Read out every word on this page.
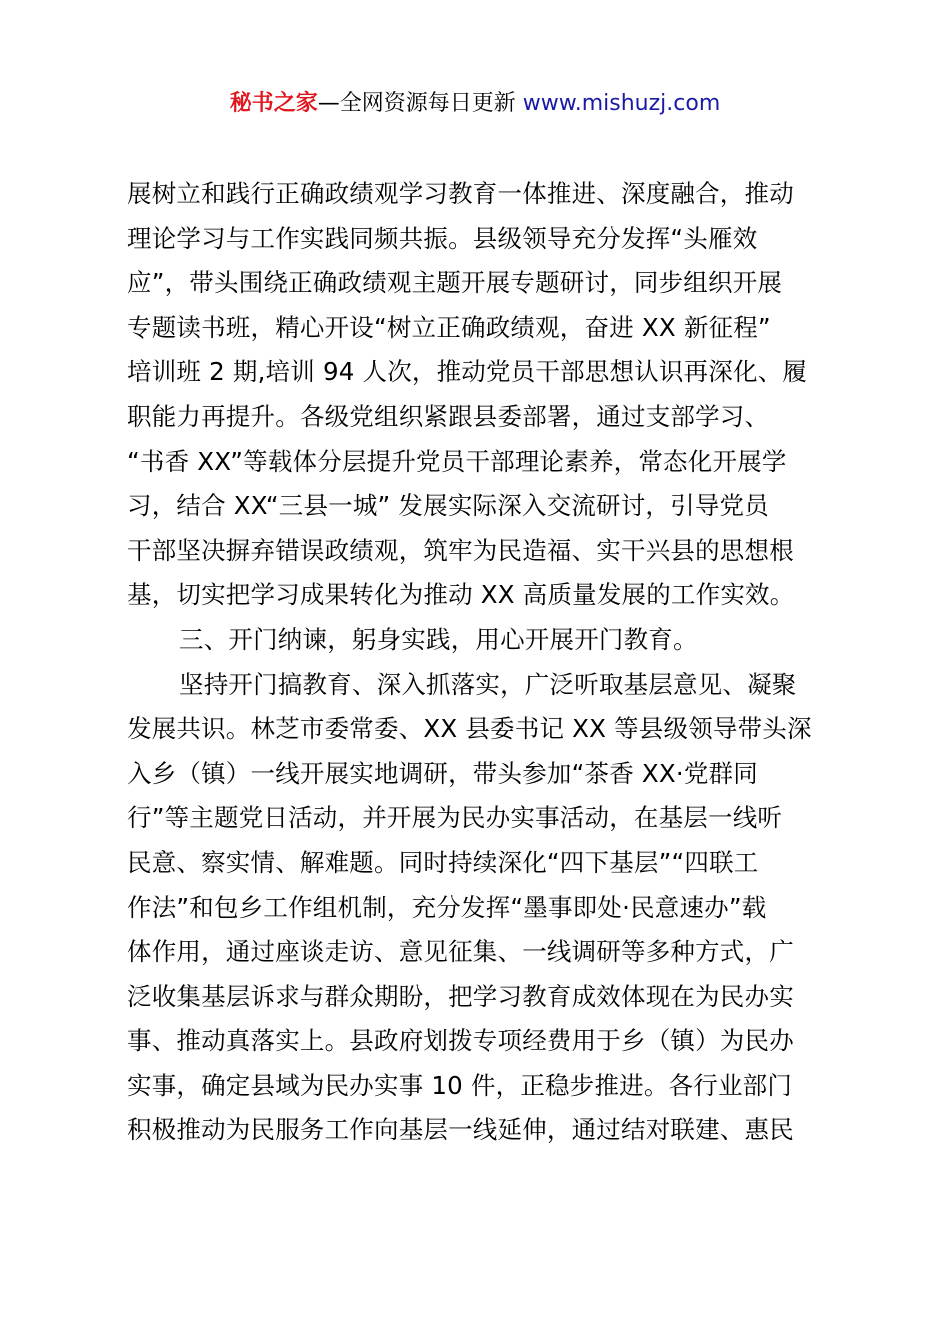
秘书之家—全网资源每日更新 www.mishuzj.com
展树立和践行正确政绩观学习教育一体推进、深度融合，推动
理论学习与工作实践同频共振。县级领导充分发挥“头雁效
应”，带头围绕正确政绩观主题开展专题研讨，同步组织开展
专题读书班，精心开设“树立正确政绩观，奋进 XX 新征程”
培训班 2 期,培训 94 人次，推动党员干部思想认识再深化、履
职能力再提升。各级党组织紧跟县委部署，通过支部学习、
“书香 XX”等载体分层提升党员干部理论素养，常态化开展学
习，结合 XX“三县一城” 发展实际深入交流研讨，引导党员
干部坚决摒弃错误政绩观，筑牢为民造福、实干兴县的思想根
基，切实把学习成果转化为推动 XX 高质量发展的工作实效。
三、开门纳谏，躬身实践，用心开展开门教育。
坚持开门搞教育、深入抓落实，广泛听取基层意见、凝聚
发展共识。林芝市委常委、XX 县委书记 XX 等县级领导带头深
入乡（镇）一线开展实地调研，带头参加“茶香 XX·党群同
行”等主题党日活动，并开展为民办实事活动，在基层一线听
民意、察实情、解难题。同时持续深化“四下基层”“四联工
作法”和包乡工作组机制，充分发挥“墨事即处·民意速办”载
体作用，通过座谈走访、意见征集、一线调研等多种方式，广
泛收集基层诉求与群众期盼，把学习教育成效体现在为民办实
事、推动真落实上。县政府划拨专项经费用于乡（镇）为民办
实事，确定县域为民办实事 10 件，正稳步推进。各行业部门
积极推动为民服务工作向基层一线延伸，通过结对联建、惠民
